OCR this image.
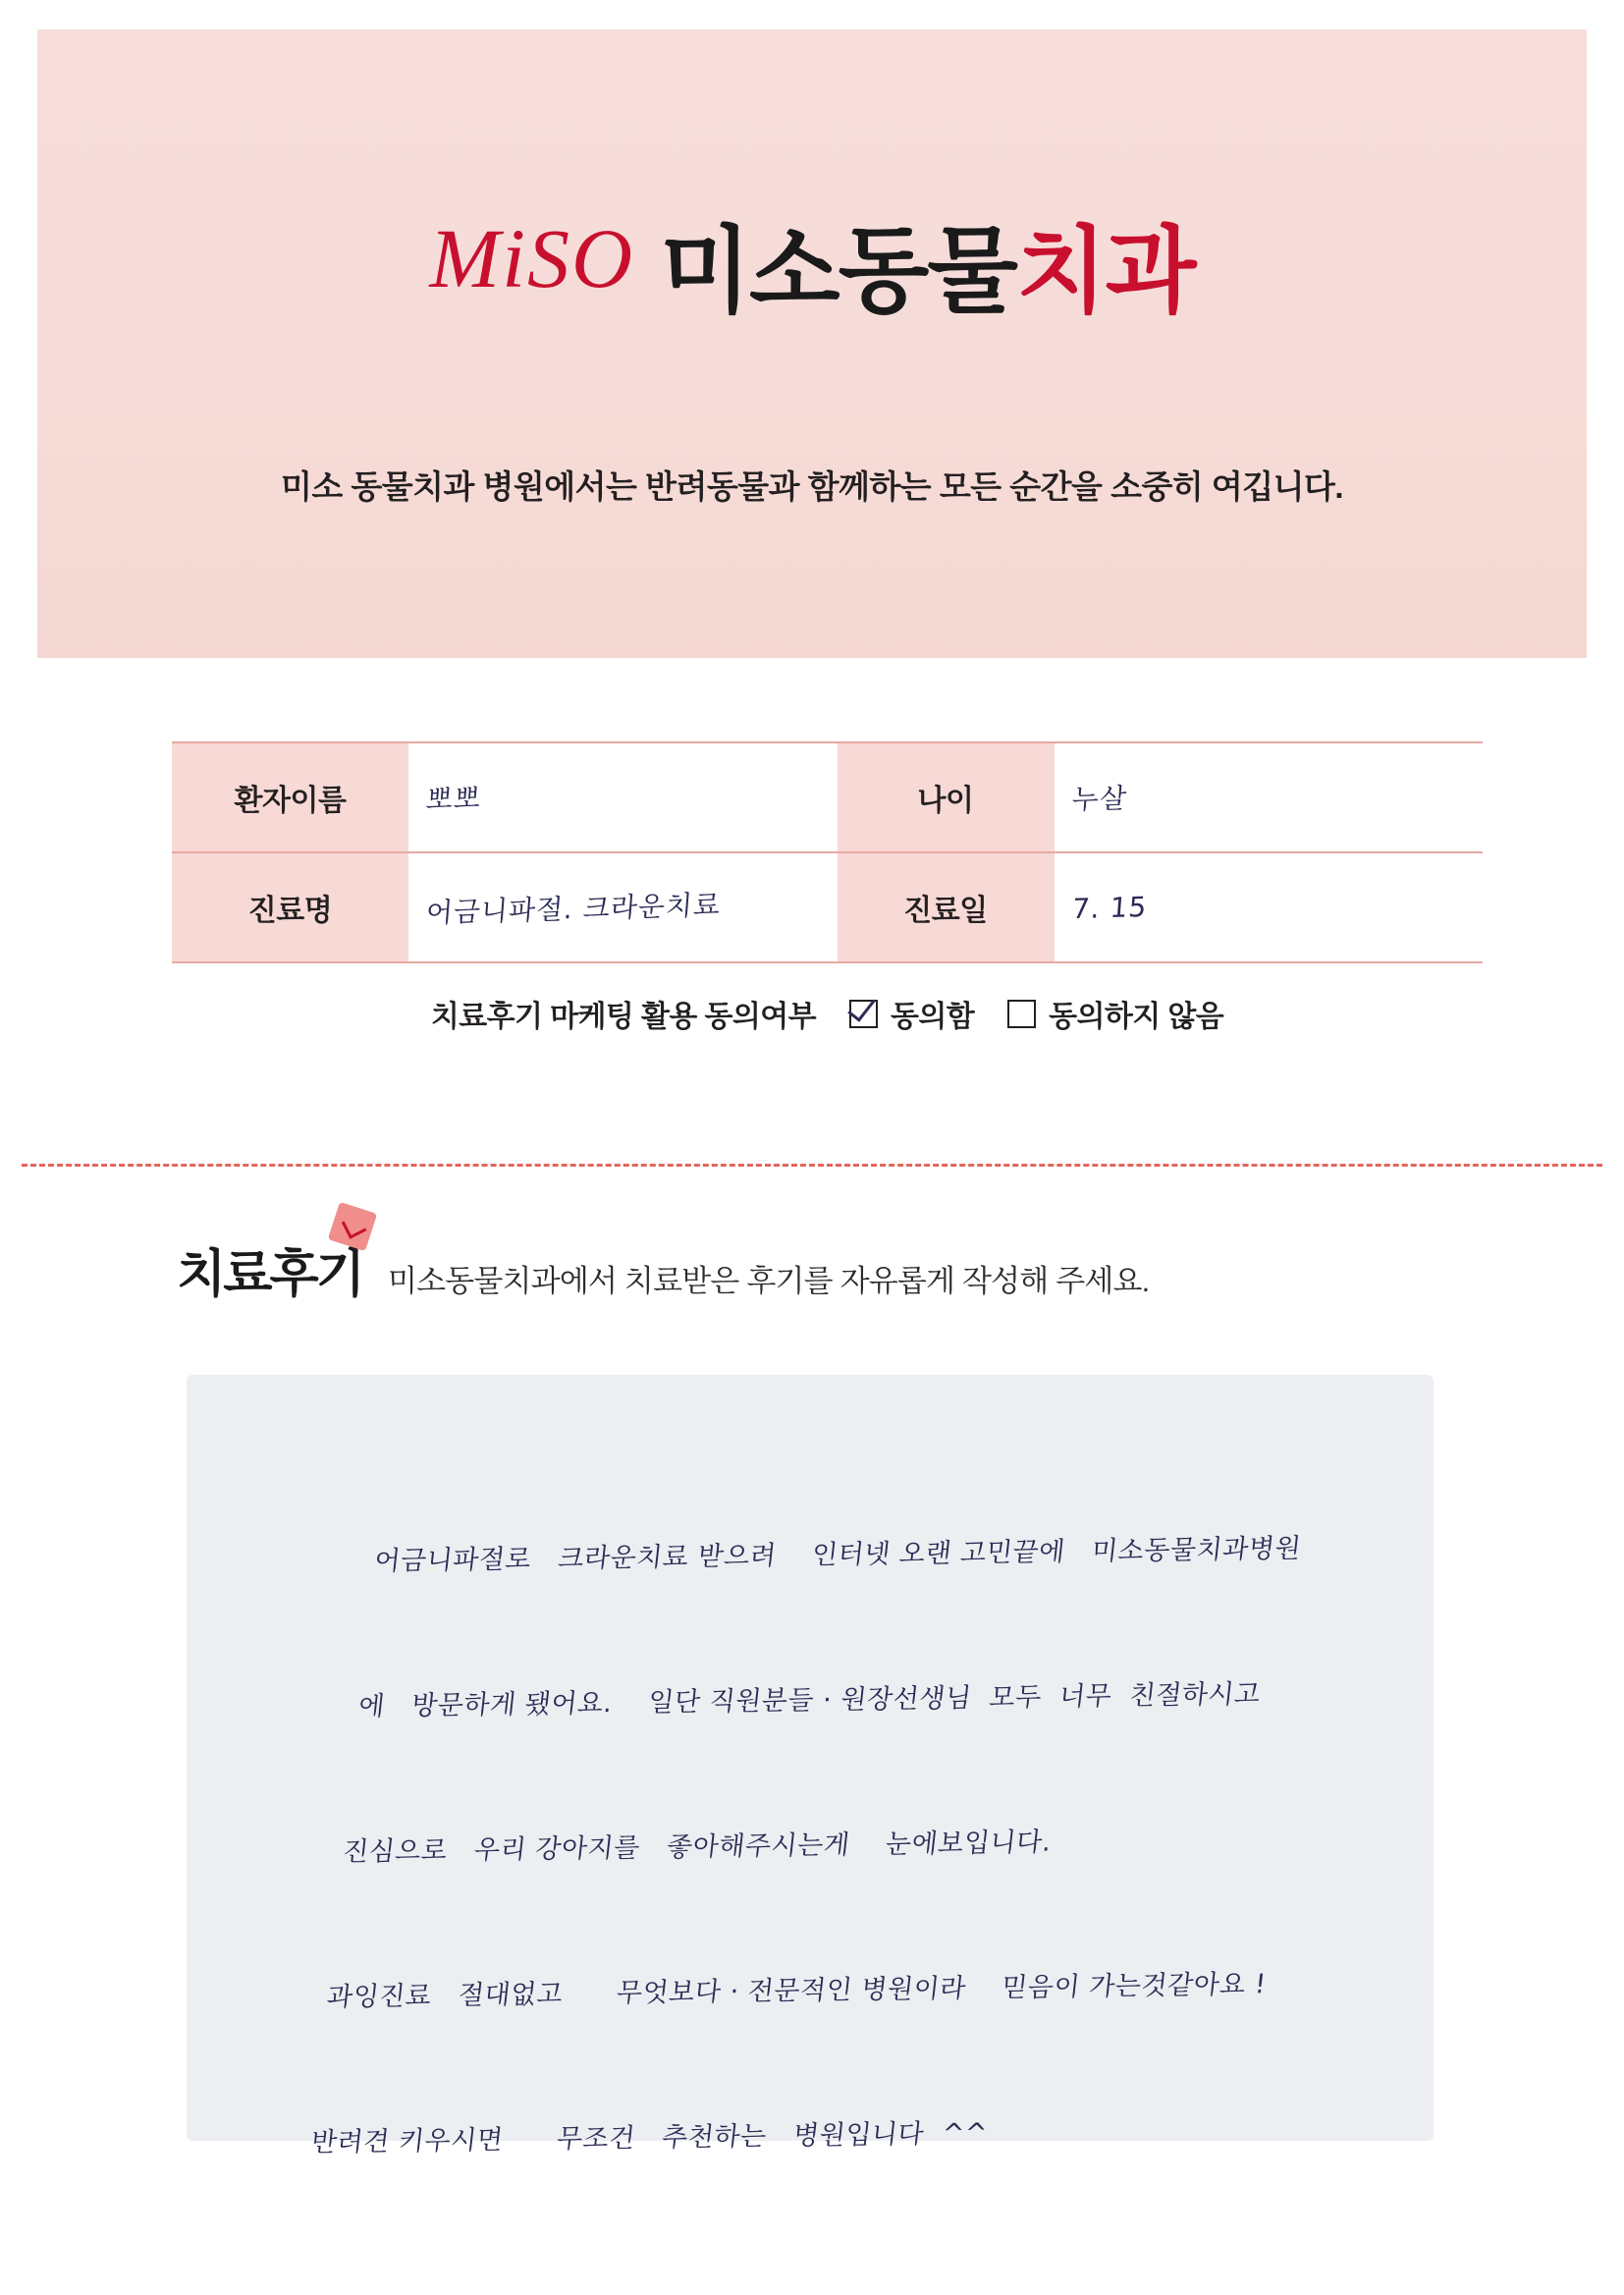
MiSO 미소동물치과
미소 동물치과 병원에서는 반려동물과 함께하는 모든 순간을 소중히 여깁니다.
환자이름	뽀뽀	나이	누살
진료명	어금니파절. 크라운치료	진료일	7. 15
치료후기 마케팅 활용 동의여부	동의함	동의하지 않음
치료후기 미소동물치과에서 치료받은 후기를 자유롭게 작성해 주세요.

어금니파절로   크라운치료 받으려    인터넷 오랜 고민끝에   미소동물치과병원

에   방문하게 됐어요.    일단 직원분들 · 원장선생님  모두  너무  친절하시고

진심으로   우리 강아지를   좋아해주시는게    눈에보입니다.

과잉진료   절대없고      무엇보다 · 전문적인 병원이라    믿음이 가는것같아요 !

반려견 키우시면      무조건   추천하는   병원입니다  ^^
